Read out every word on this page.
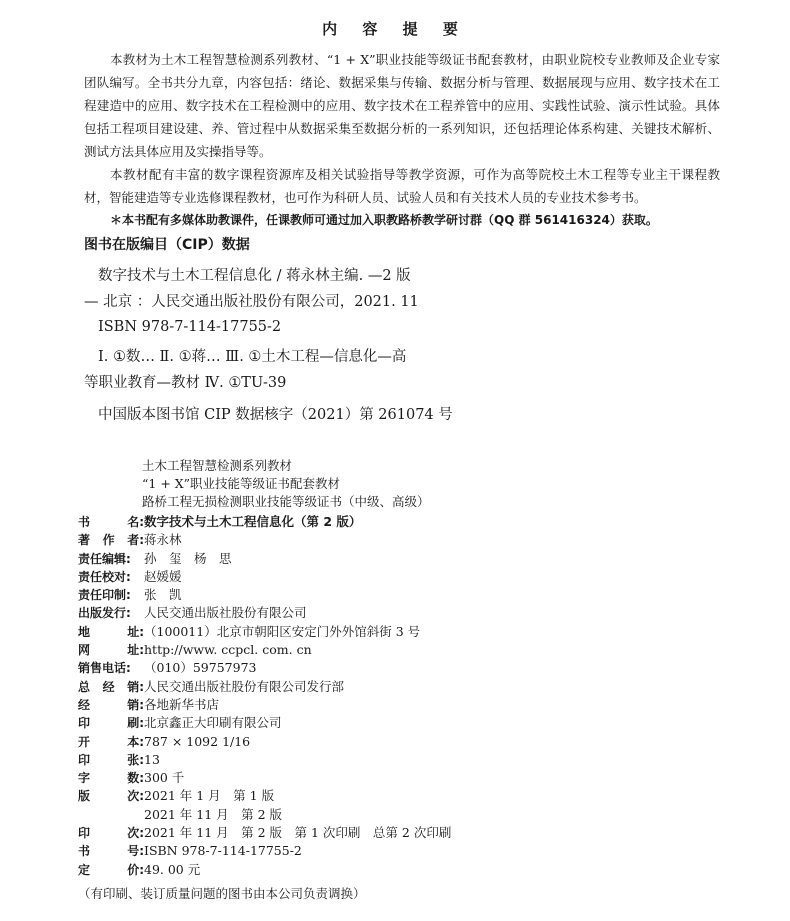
内 容 提 要

本教材为土木工程智慧检测系列教材、“1 + X”职业技能等级证书配套教材，由职业院校专业教师及企业专家团队编写。全书共分九章，内容包括：绪论、数据采集与传输、数据分析与管理、数据展现与应用、数字技术在工程建造中的应用、数字技术在工程检测中的应用、数字技术在工程养管中的应用、实践性试验、演示性试验。具体包括工程项目建设建、养、管过程中从数据采集至数据分析的一系列知识，还包括理论体系构建、关键技术解析、测试方法具体应用及实操指导等。

本教材配有丰富的数字课程资源库及相关试验指导等教学资源，可作为高等院校土木工程等专业主干课程教材，智能建造等专业选修课程教材，也可作为科研人员、试验人员和有关技术人员的专业技术参考书。

＊本书配有多媒体助教课件，任课教师可通过加入职教路桥教学研讨群（QQ 群 561416324）获取。

图书在版编目（CIP）数据
数字技术与土木工程信息化 / 蒋永林主编. —2 版
— 北京 ：人民交通出版社股份有限公司，2021. 11
ISBN 978-7-114-17755-2
Ⅰ. ①数… Ⅱ. ①蒋… Ⅲ. ①土木工程—信息化—高
等职业教育—教材 Ⅳ. ①TU-39
中国版本图书馆 CIP 数据核字（2021）第 261074 号
土木工程智慧检测系列教材
“1 + X”职业技能等级证书配套教材
路桥工程无损检测职业技能等级证书（中级、高级）
书	名: 数字技术与土木工程信息化（第 2 版）
著 作 者: 蒋永林
责任编辑:	孙　玺　杨　思
责任校对:	赵媛媛
责任印制:	张　凯
出版发行:	人民交通出版社股份有限公司
地	址: （100011）北京市朝阳区安定门外外馆斜街 3 号
网	址: http://www. ccpcl. com. cn
销售电话:	（010）59757973
总 经 销: 人民交通出版社股份有限公司发行部
经	销: 各地新华书店
印	刷: 北京鑫正大印刷有限公司
开	本: 787 × 1092 1/16
印	张: 13
字	数: 300 千
版	次: 2021 年 1 月　第 1 版
2021 年 11 月　第 2 版
印	次: 2021 年 11 月　第 2 版　第 1 次印刷　总第 2 次印刷
书	号: ISBN 978-7-114-17755-2
定	价: 49. 00 元
（有印刷、装订质量问题的图书由本公司负责调换）
